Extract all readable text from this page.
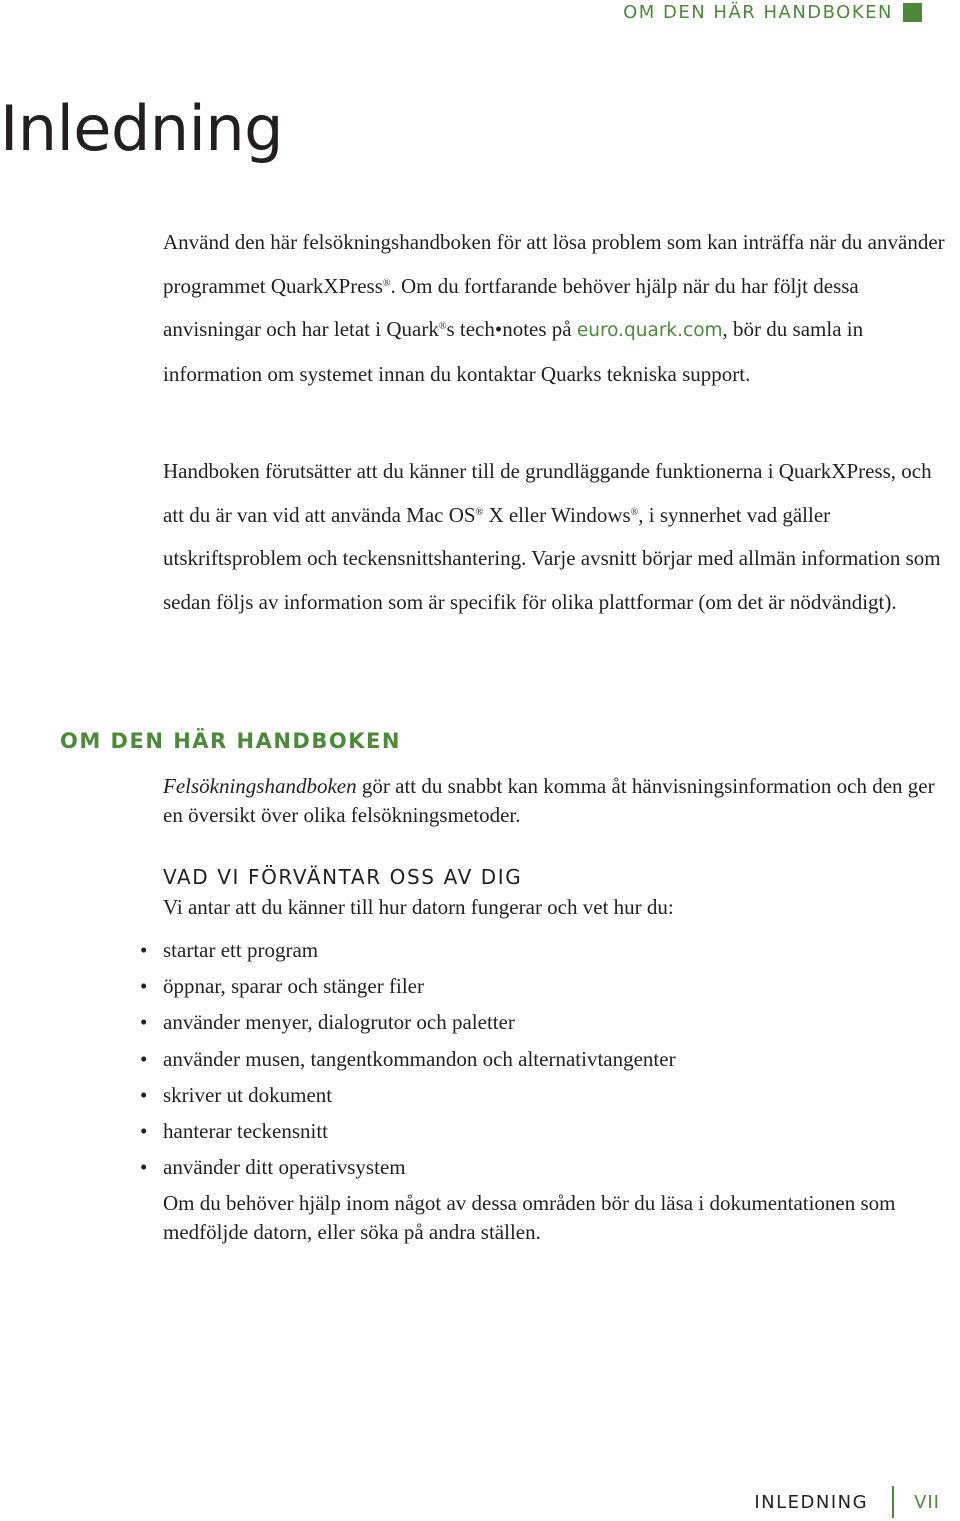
OM DEN HÄR HANDBOKEN
Inledning

Använd den här felsökningshandboken för att lösa problem som kan inträffa när du använder programmet QuarkXPress®. Om du fortfarande behöver hjälp när du har följt dessa anvisningar och har letat i Quark®s tech•notes på euro.quark.com, bör du samla in information om systemet innan du kontaktar Quarks tekniska support.

Handboken förutsätter att du känner till de grundläggande funktionerna i QuarkXPress, och att du är van vid att använda Mac OS® X eller Windows®, i synnerhet vad gäller utskriftsproblem och teckensnittshantering. Varje avsnitt börjar med allmän information som sedan följs av information som är specifik för olika plattformar (om det är nödvändigt).

OM DEN HÄR HANDBOKEN

Felsökningshandboken gör att du snabbt kan komma åt hänvisningsinformation och den ger en översikt över olika felsökningsmetoder.

VAD VI FÖRVÄNTAR OSS AV DIG

Vi antar att du känner till hur datorn fungerar och vet hur du:

• startar ett program
• öppnar, sparar och stänger filer
• använder menyer, dialogrutor och paletter
• använder musen, tangentkommandon och alternativtangenter
• skriver ut dokument
• hanterar teckensnitt
• använder ditt operativsystem

Om du behöver hjälp inom något av dessa områden bör du läsa i dokumentationen som medföljde datorn, eller söka på andra ställen.

INLEDNING	VII
